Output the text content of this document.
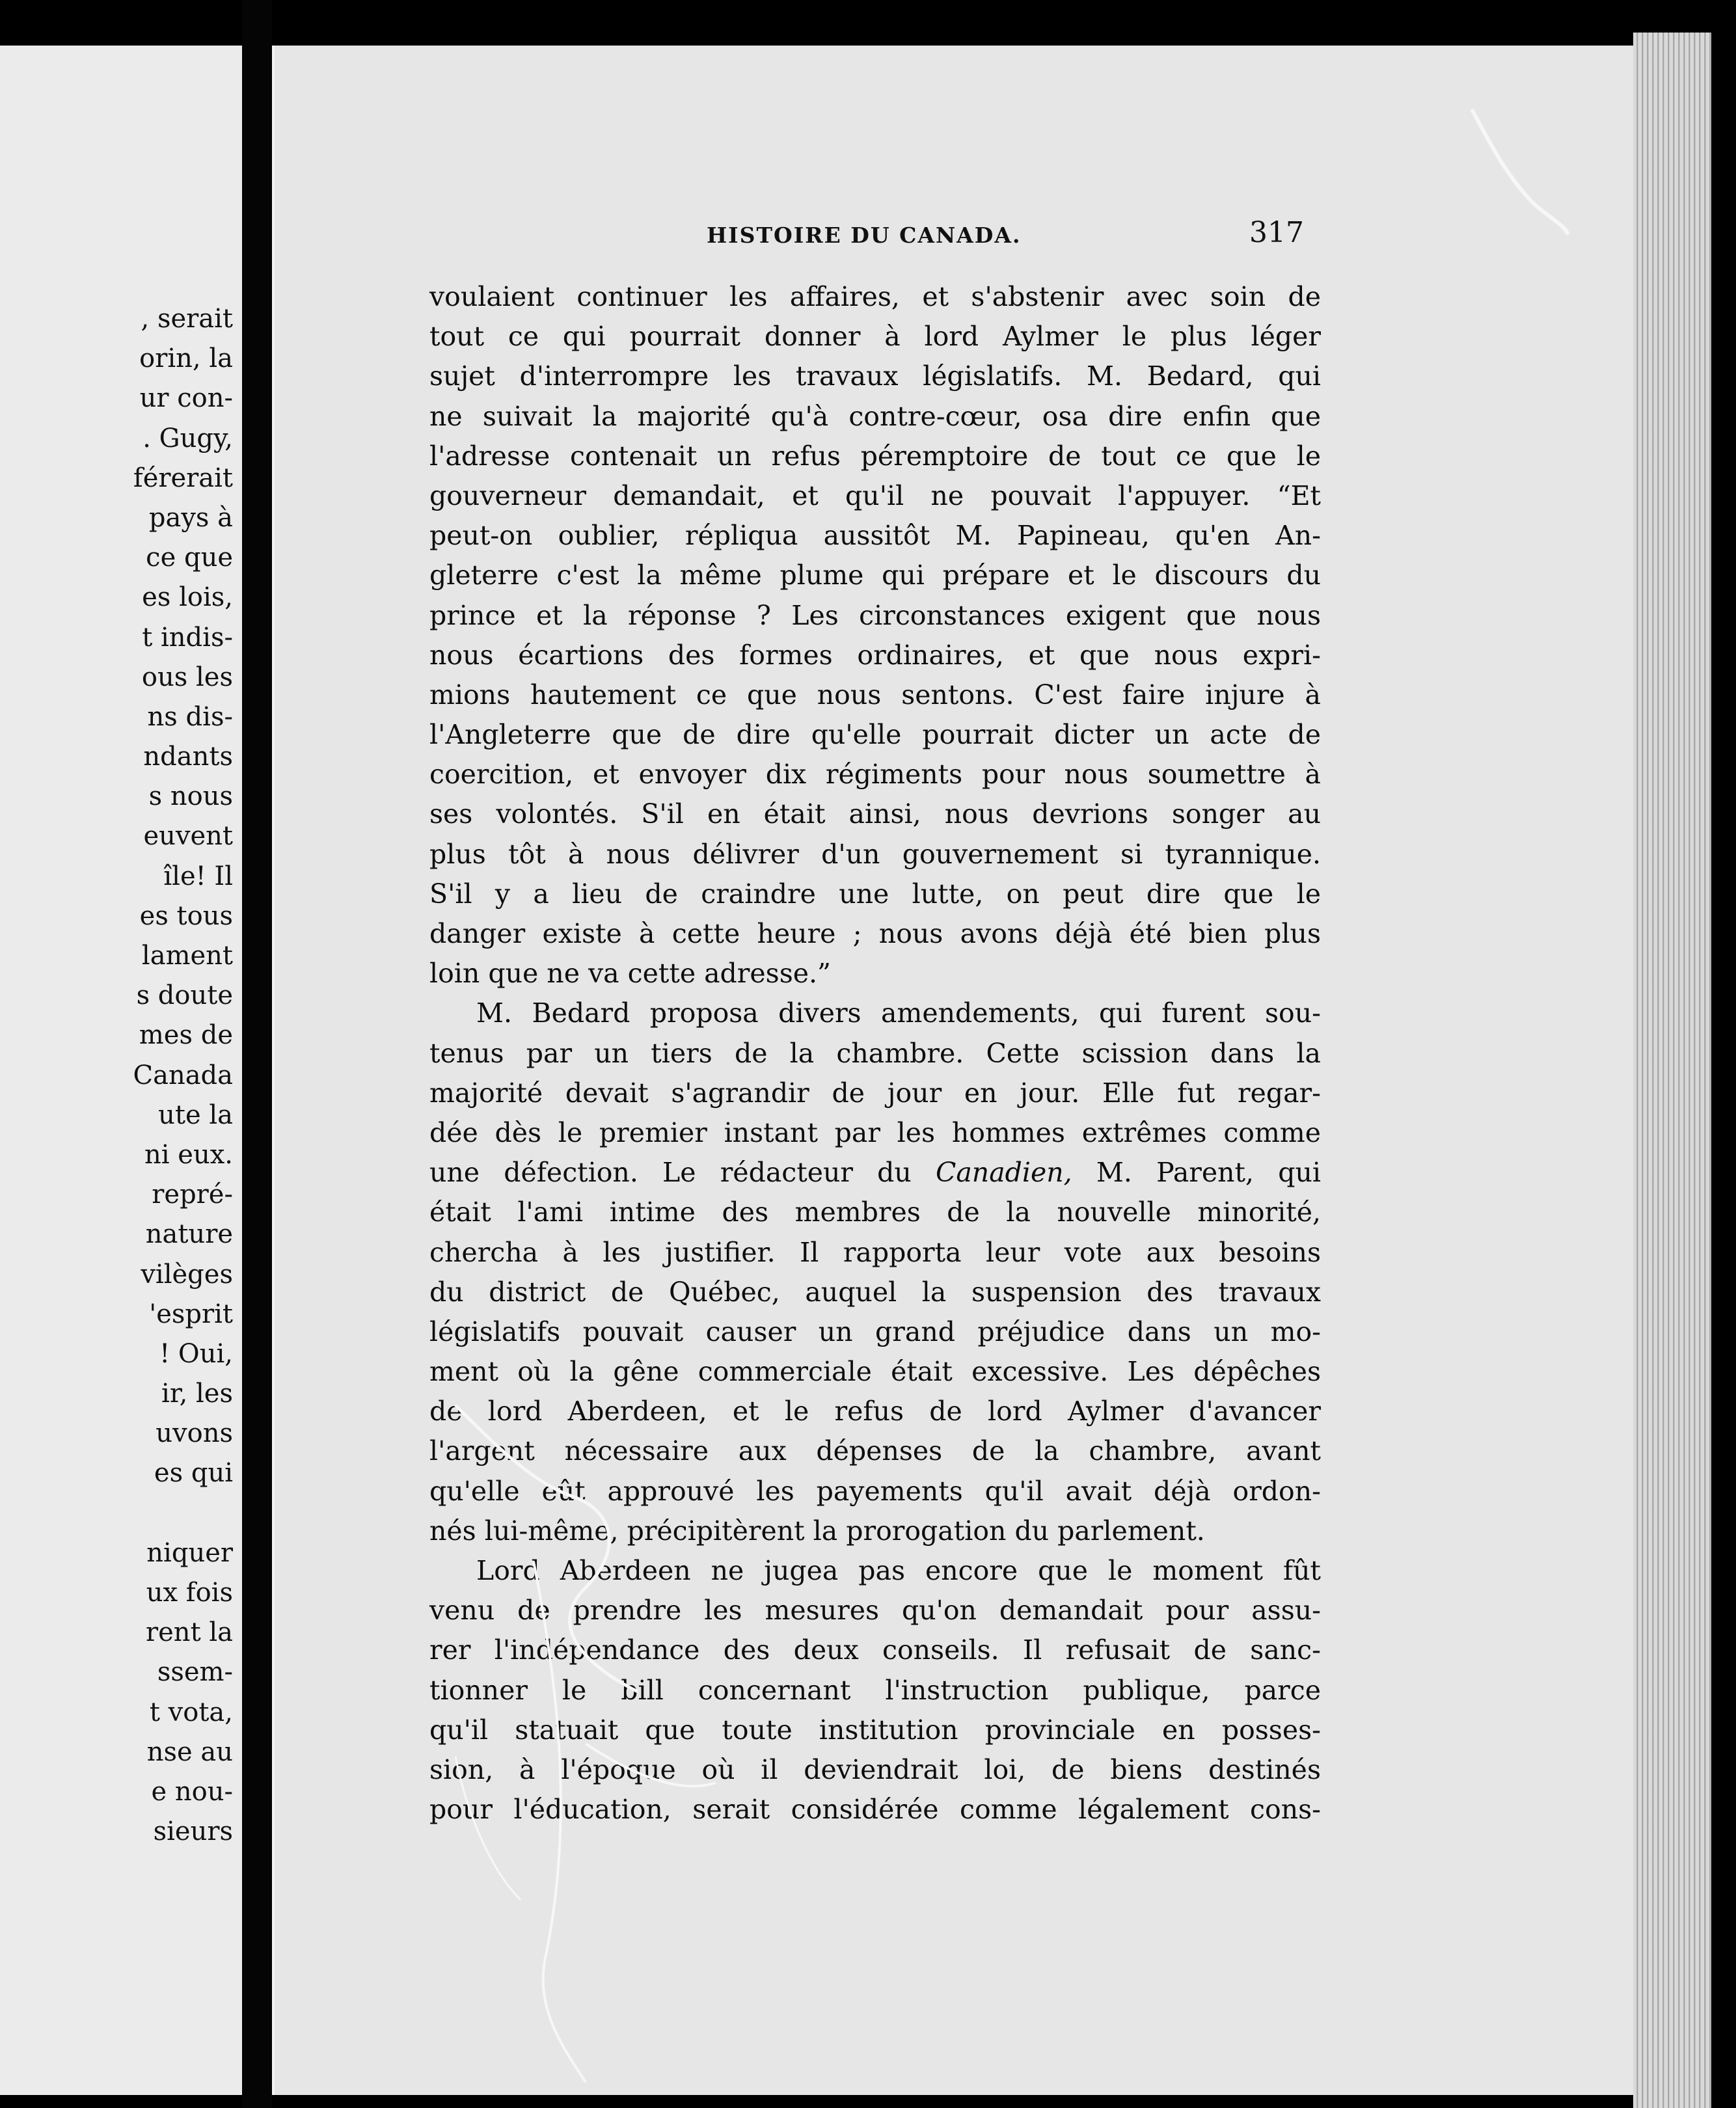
, serait
orin, la
ur con-
. Gugy,
férerait
pays à
ce que
es lois,
t indis-
ous les
ns dis-
ndants
s nous
euvent
île! Il
es tous
lament
s doute
mes de
Canada
ute la
ni eux.
repré-
nature
vilèges
'esprit
! Oui,
ir, les
uvons
es qui
niquer
ux fois
rent la
ssem-
t vota,
nse au
e nou-
sieurs
HISTOIRE DU CANADA.	317
voulaient continuer les affaires, et s'abstenir avec soin de
tout ce qui pourrait donner à lord Aylmer le plus léger
sujet d'interrompre les travaux législatifs. M. Bedard, qui
ne suivait la majorité qu'à contre-cœur, osa dire enfin que
l'adresse contenait un refus péremptoire de tout ce que le
gouverneur demandait, et qu'il ne pouvait l'appuyer. “Et
peut-on oublier, répliqua aussitôt M. Papineau, qu'en An-
gleterre c'est la même plume qui prépare et le discours du
prince et la réponse ? Les circonstances exigent que nous
nous écartions des formes ordinaires, et que nous expri-
mions hautement ce que nous sentons. C'est faire injure à
l'Angleterre que de dire qu'elle pourrait dicter un acte de
coercition, et envoyer dix régiments pour nous soumettre à
ses volontés. S'il en était ainsi, nous devrions songer au
plus tôt à nous délivrer d'un gouvernement si tyrannique.
S'il y a lieu de craindre une lutte, on peut dire que le
danger existe à cette heure ; nous avons déjà été bien plus
loin que ne va cette adresse.”
M. Bedard proposa divers amendements, qui furent sou-
tenus par un tiers de la chambre. Cette scission dans la
majorité devait s'agrandir de jour en jour. Elle fut regar-
dée dès le premier instant par les hommes extrêmes comme
une défection. Le rédacteur du Canadien, M. Parent, qui
était l'ami intime des membres de la nouvelle minorité,
chercha à les justifier. Il rapporta leur vote aux besoins
du district de Québec, auquel la suspension des travaux
législatifs pouvait causer un grand préjudice dans un mo-
ment où la gêne commerciale était excessive. Les dépêches
de lord Aberdeen, et le refus de lord Aylmer d'avancer
l'argent nécessaire aux dépenses de la chambre, avant
qu'elle eût approuvé les payements qu'il avait déjà ordon-
nés lui-même, précipitèrent la prorogation du parlement.
Lord Aberdeen ne jugea pas encore que le moment fût
venu de prendre les mesures qu'on demandait pour assu-
rer l'indépendance des deux conseils. Il refusait de sanc-
tionner le bill concernant l'instruction publique, parce
qu'il statuait que toute institution provinciale en posses-
sion, à l'époque où il deviendrait loi, de biens destinés
pour l'éducation, serait considérée comme légalement cons-
